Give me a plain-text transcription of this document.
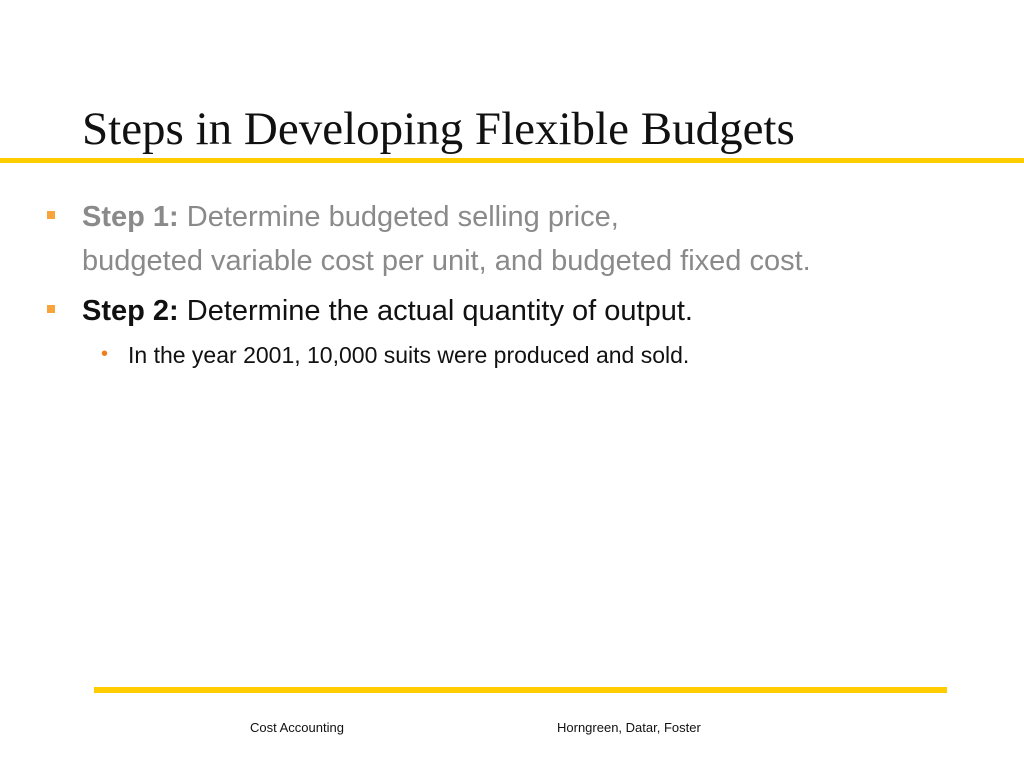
Steps in Developing Flexible Budgets
Step 1: Determine budgeted selling price,
budgeted variable cost per unit, and budgeted fixed cost.
Step 2: Determine the actual quantity of output.
• In the year 2001, 10,000 suits were produced and sold.
Cost Accounting	Horngreen, Datar, Foster
